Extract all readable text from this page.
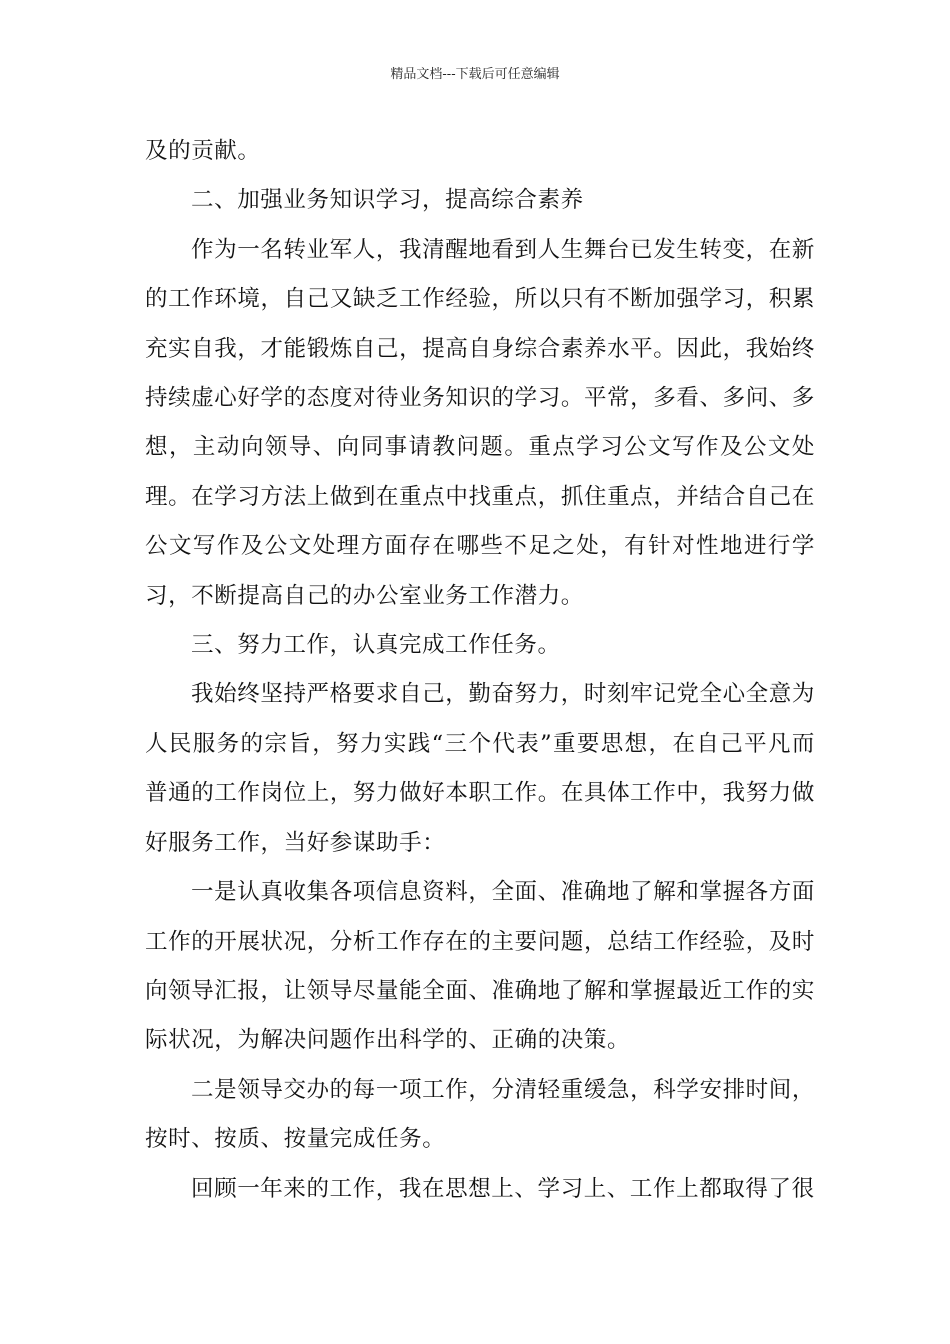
精品文档---下载后可任意编辑

及的贡献。

二、加强业务知识学习，提高综合素养

作为一名转业军人，我清醒地看到人生舞台已发生转变，在新的工作环境，自己又缺乏工作经验，所以只有不断加强学习，积累充实自我，才能锻炼自己，提高自身综合素养水平。因此，我始终持续虚心好学的态度对待业务知识的学习。平常，多看、多问、多想，主动向领导、向同事请教问题。重点学习公文写作及公文处理。在学习方法上做到在重点中找重点，抓住重点，并结合自己在公文写作及公文处理方面存在哪些不足之处，有针对性地进行学习，不断提高自己的办公室业务工作潜力。

三、努力工作，认真完成工作任务。

我始终坚持严格要求自己，勤奋努力，时刻牢记党全心全意为人民服务的宗旨，努力实践“三个代表”重要思想，在自己平凡而普通的工作岗位上，努力做好本职工作。在具体工作中，我努力做好服务工作，当好参谋助手：

一是认真收集各项信息资料，全面、准确地了解和掌握各方面工作的开展状况，分析工作存在的主要问题，总结工作经验，及时向领导汇报，让领导尽量能全面、准确地了解和掌握最近工作的实际状况，为解决问题作出科学的、正确的决策。

二是领导交办的每一项工作，分清轻重缓急，科学安排时间，按时、按质、按量完成任务。

回顾一年来的工作，我在思想上、学习上、工作上都取得了很
